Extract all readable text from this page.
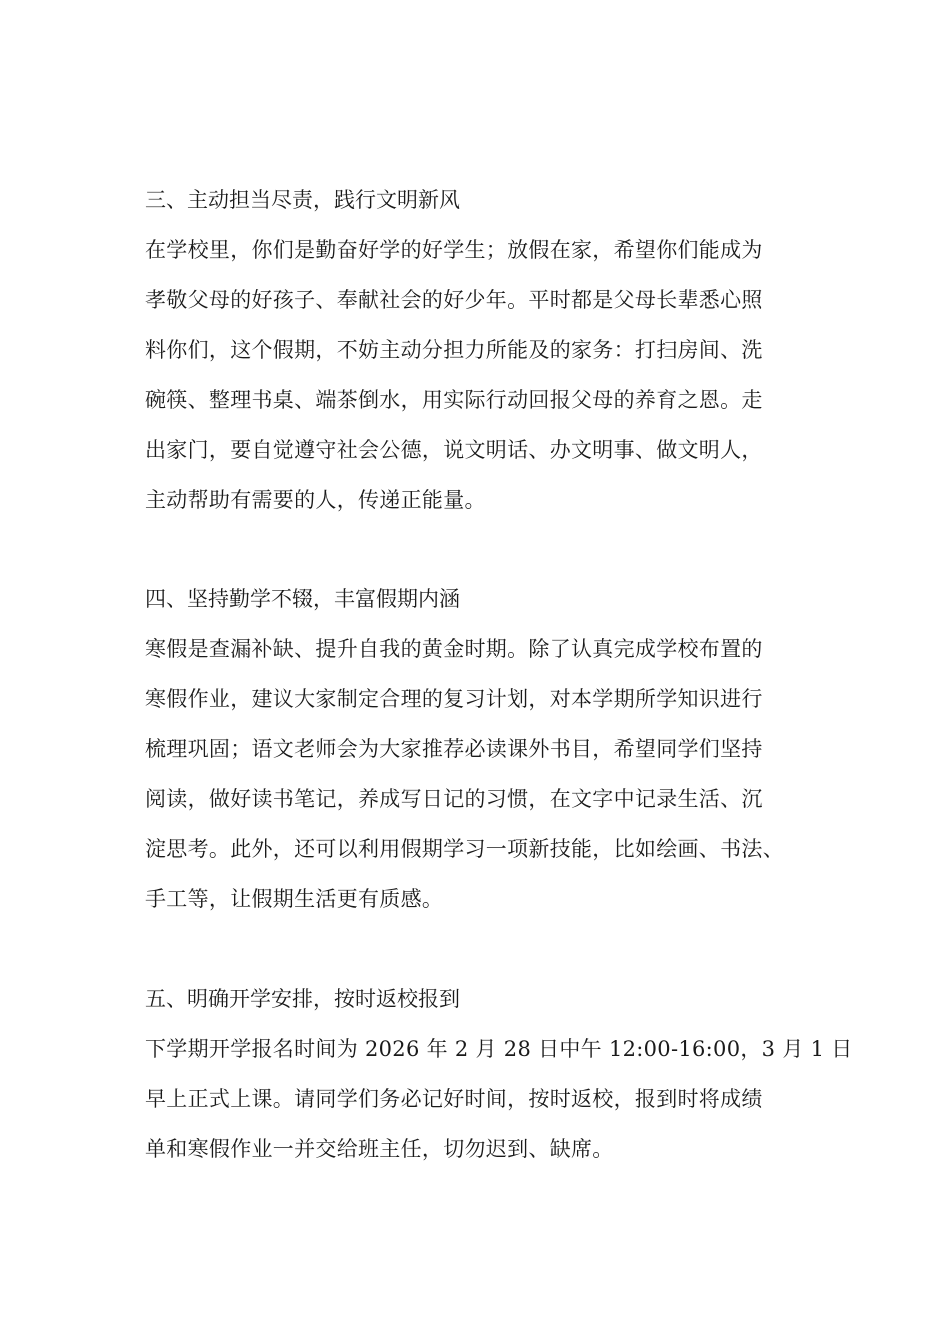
三、主动担当尽责，践行文明新风
在学校里，你们是勤奋好学的好学生；放假在家，希望你们能成为
孝敬父母的好孩子、奉献社会的好少年。平时都是父母长辈悉心照
料你们，这个假期，不妨主动分担力所能及的家务：打扫房间、洗
碗筷、整理书桌、端茶倒水，用实际行动回报父母的养育之恩。走
出家门，要自觉遵守社会公德，说文明话、办文明事、做文明人，
主动帮助有需要的人，传递正能量。
四、坚持勤学不辍，丰富假期内涵
寒假是查漏补缺、提升自我的黄金时期。除了认真完成学校布置的
寒假作业，建议大家制定合理的复习计划，对本学期所学知识进行
梳理巩固；语文老师会为大家推荐必读课外书目，希望同学们坚持
阅读，做好读书笔记，养成写日记的习惯，在文字中记录生活、沉
淀思考。此外，还可以利用假期学习一项新技能，比如绘画、书法、
手工等，让假期生活更有质感。
五、明确开学安排，按时返校报到
下学期开学报名时间为 2026 年 2 月 28 日中午 12:00-16:00，3 月 1 日
早上正式上课。请同学们务必记好时间，按时返校，报到时将成绩
单和寒假作业一并交给班主任，切勿迟到、缺席。
